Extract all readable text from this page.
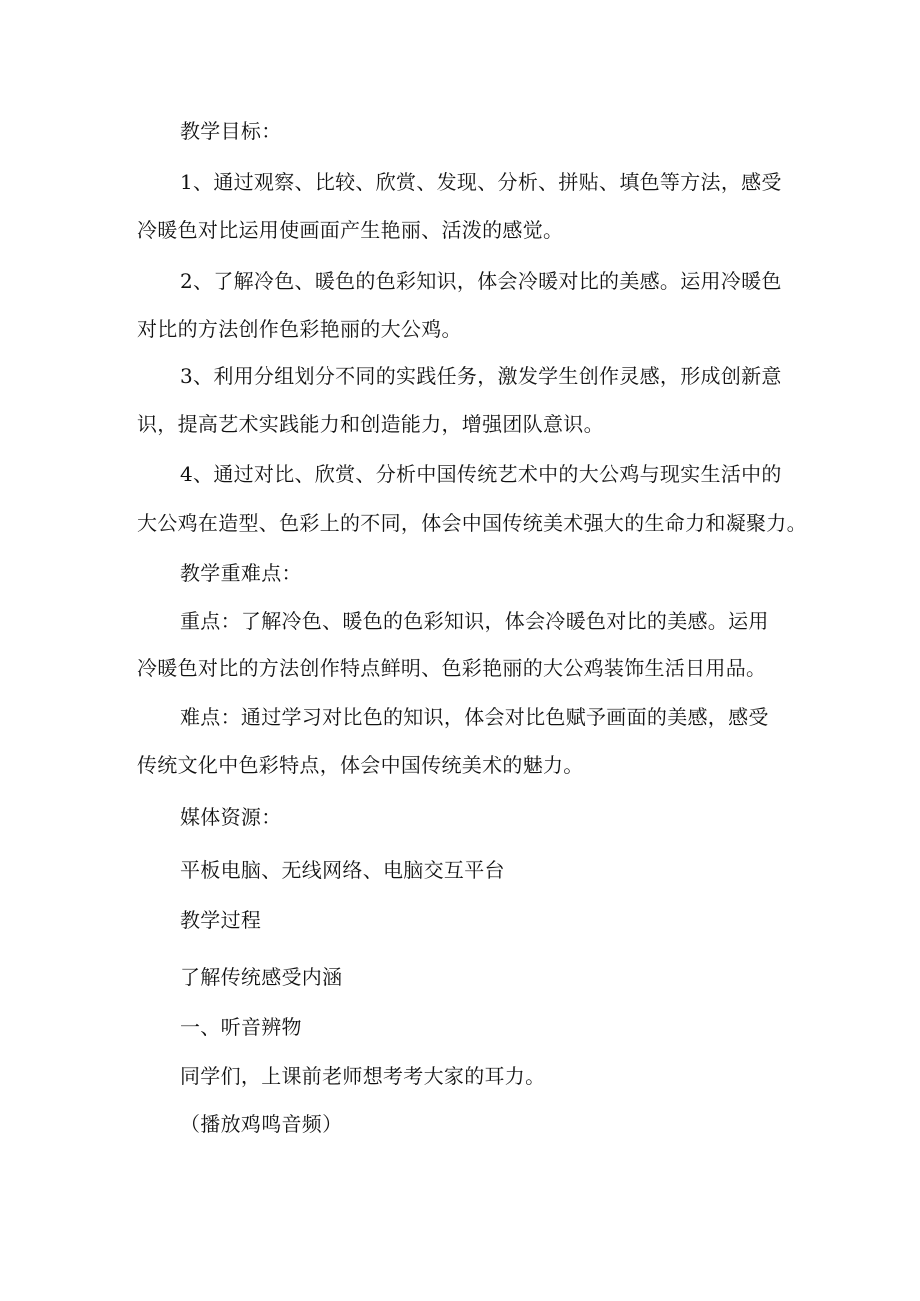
教学目标：
1、通过观察、比较、欣赏、发现、分析、拼贴、填色等方法，感受
冷暖色对比运用使画面产生艳丽、活泼的感觉。
2、了解冷色、暖色的色彩知识，体会冷暖对比的美感。运用冷暖色
对比的方法创作色彩艳丽的大公鸡。
3、利用分组划分不同的实践任务，激发学生创作灵感，形成创新意
识，提高艺术实践能力和创造能力，增强团队意识。
4、通过对比、欣赏、分析中国传统艺术中的大公鸡与现实生活中的
大公鸡在造型、色彩上的不同，体会中国传统美术强大的生命力和凝聚力。
教学重难点：
重点：了解冷色、暖色的色彩知识，体会冷暖色对比的美感。运用
冷暖色对比的方法创作特点鲜明、色彩艳丽的大公鸡装饰生活日用品。
难点：通过学习对比色的知识，体会对比色赋予画面的美感，感受
传统文化中色彩特点，体会中国传统美术的魅力。
媒体资源：
平板电脑、无线网络、电脑交互平台
教学过程
了解传统感受内涵
一、听音辨物
同学们，上课前老师想考考大家的耳力。
（播放鸡鸣音频）
